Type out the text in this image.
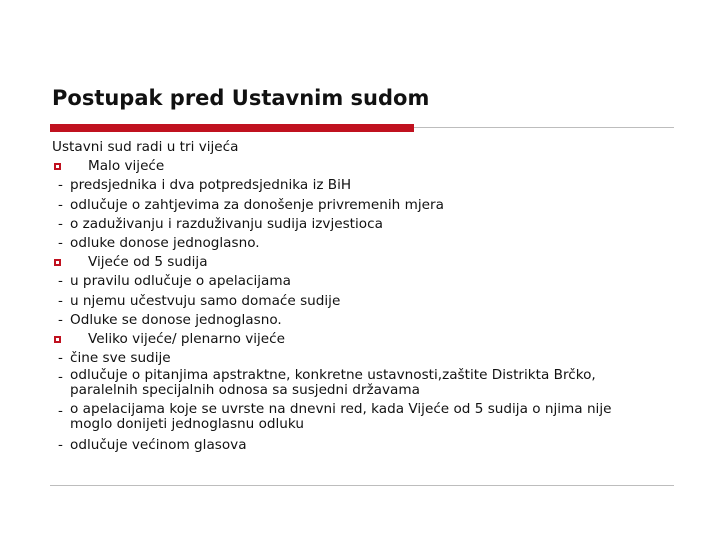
Postupak pred Ustavnim sudom
Ustavni sud radi u tri vijeća
Malo vijeće
- predsjednika i dva potpredsjednika iz BiH
- odlučuje o zahtjevima za donošenje privremenih mjera
- o zaduživanju i razduživanju sudija izvjestioca
- odluke donose jednoglasno.
Vijeće od 5 sudija
- u pravilu odlučuje o apelacijama
- u njemu učestvuju samo domaće sudije
- Odluke se donose jednoglasno.
Veliko vijeće/ plenarno vijeće
- čine sve sudije
- odlučuje o pitanjima apstraktne, konkretne ustavnosti,zaštite Distrikta Brčko, paralelnih specijalnih odnosa sa susjedni državama
- o apelacijama koje se uvrste na dnevni red, kada Vijeće od 5 sudija o njima nije moglo donijeti jednoglasnu odluku
- odlučuje većinom glasova
